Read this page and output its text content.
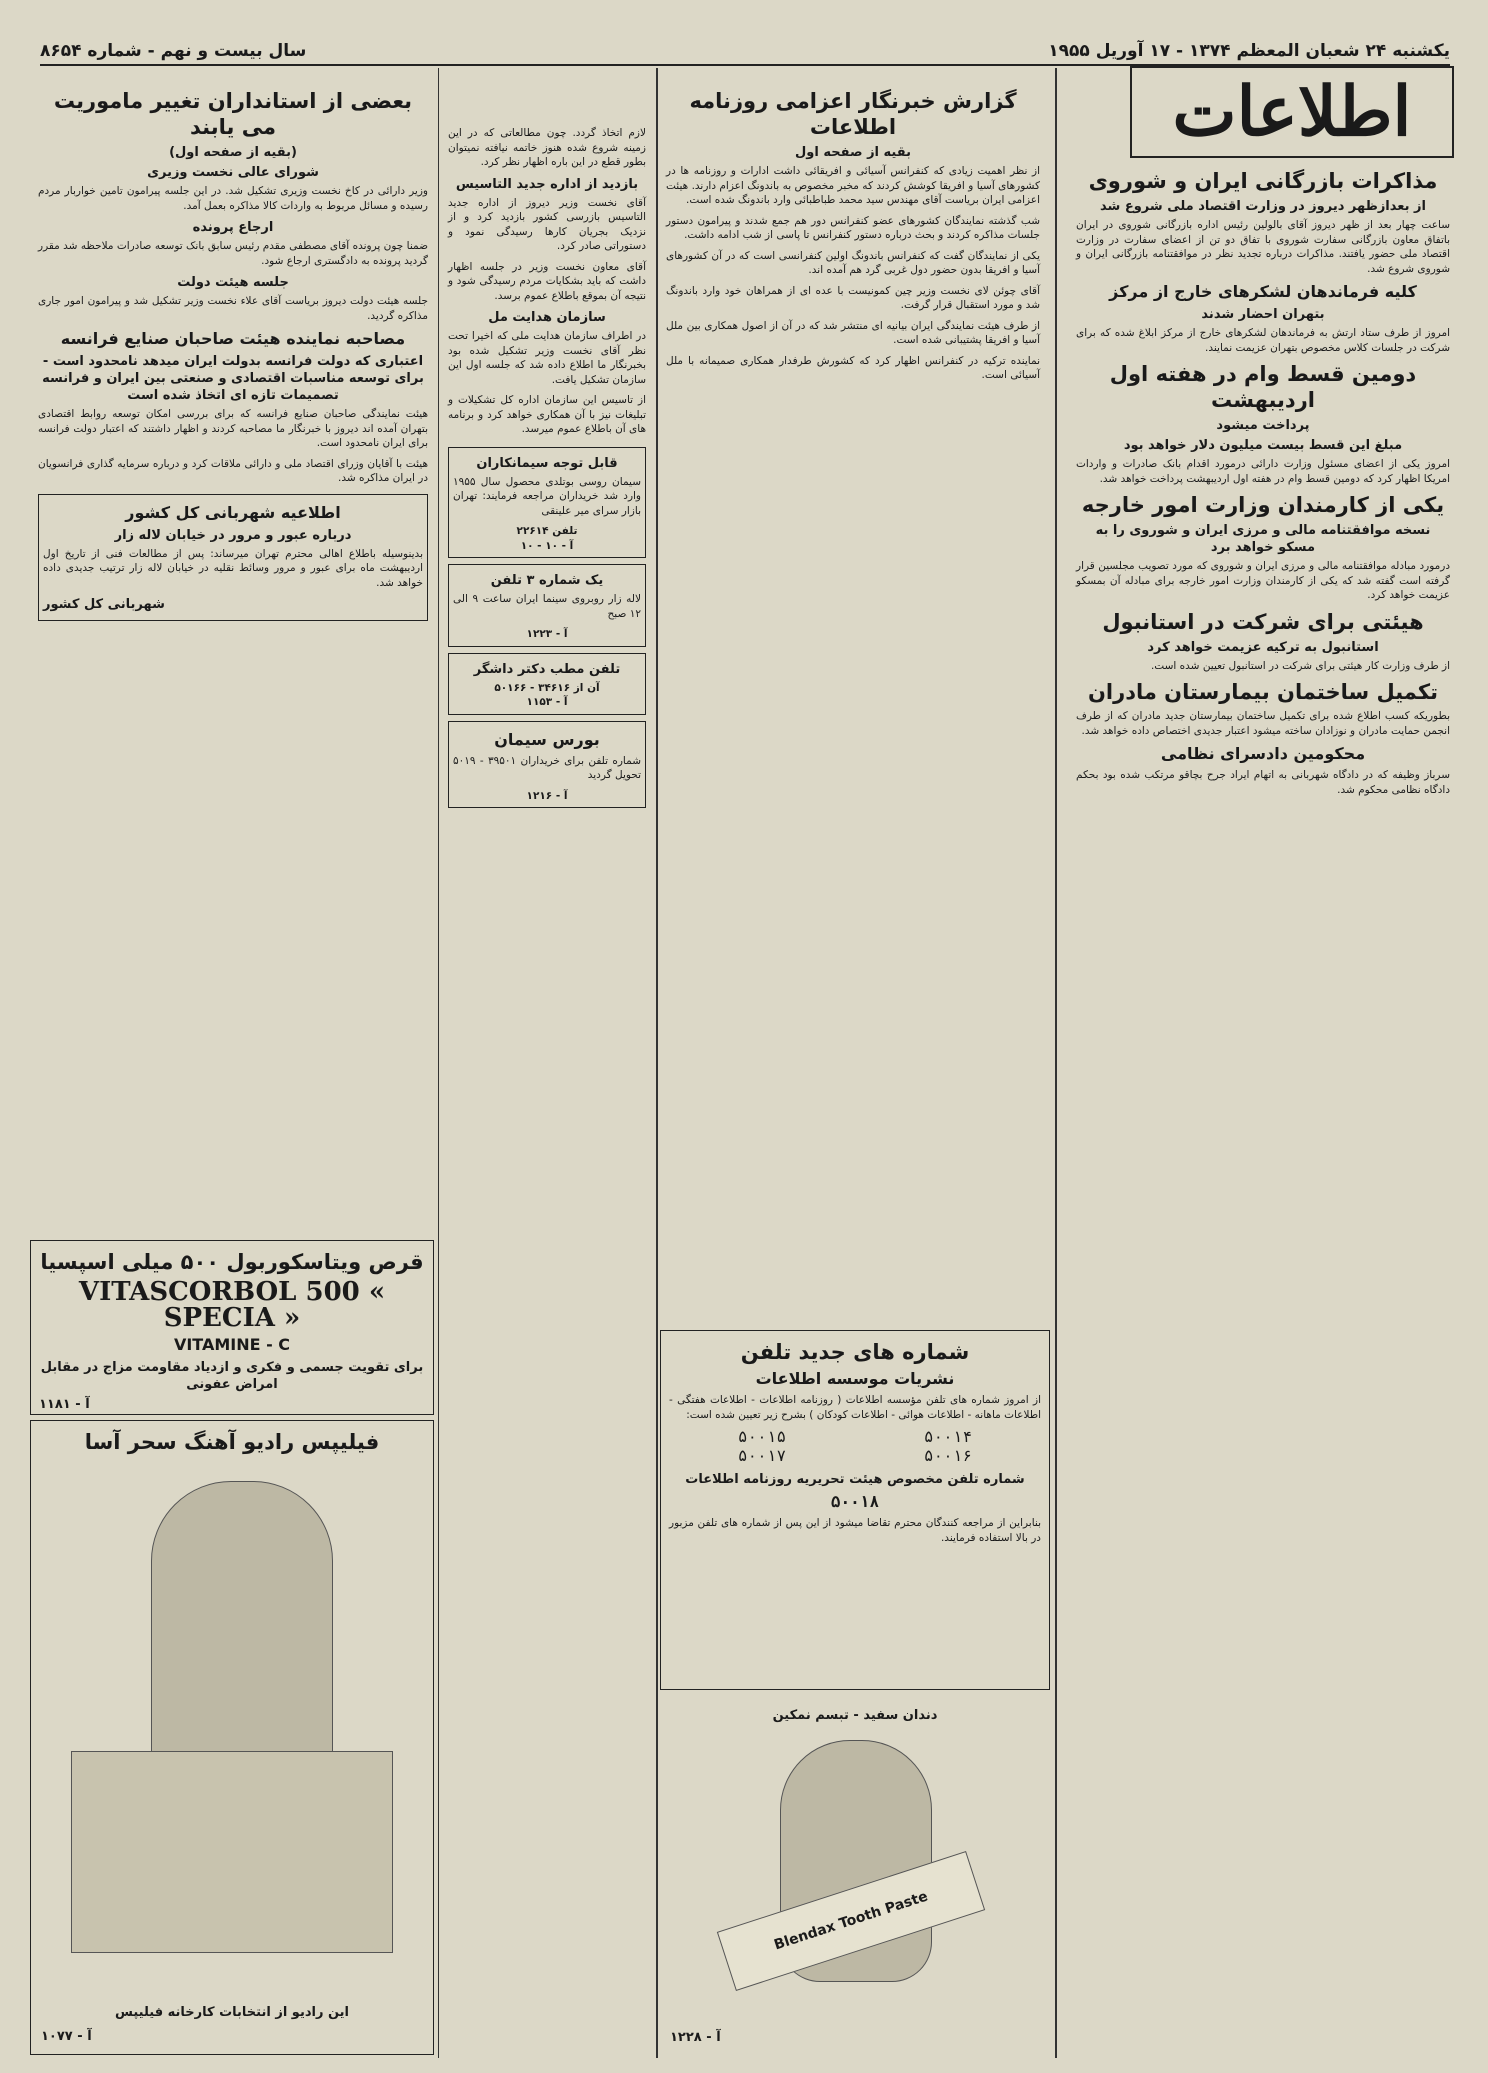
یکشنبه ۲۴ شعبان المعظم ۱۳۷۴ - ۱۷ آوریل ۱۹۵۵
سال بیست و نهم - شماره ۸۶۵۴
اطلاعات
مذاکرات بازرگانی ایران و شوروی
از بعدازظهر دیروز در وزارت اقتصاد ملی شروع شد
ساعت چهار بعد از ظهر دیروز آقای بالولین رئیس اداره بازرگانی شوروی در ایران باتفاق معاون بازرگانی سفارت شوروی با تفاق دو تن از اعضای سفارت در وزارت اقتصاد ملی حضور یافتند. مذاکرات درباره تجدید نظر در موافقتنامه بازرگانی ایران و شوروی شروع شد.
کلیه فرماندهان لشکرهای خارج از مرکز
بتهران احضار شدند
امروز از طرف ستاد ارتش به فرماندهان لشکرهای خارج از مرکز ابلاغ شده که برای شرکت در جلسات کلاس مخصوص بتهران عزیمت نمایند.
دومین قسط وام در هفته اول اردیبهشت
پرداخت میشود
مبلغ این قسط بیست میلیون دلار خواهد بود
امروز یکی از اعضای مسئول وزارت دارائی درمورد اقدام بانک صادرات و واردات امریکا اظهار کرد که دومین قسط وام در هفته اول اردیبهشت پرداخت خواهد شد.
یکی از کارمندان وزارت امور خارجه
نسخه موافقتنامه مالی و مرزی ایران و شوروی را به مسکو خواهد برد
درمورد مبادله موافقتنامه مالی و مرزی ایران و شوروی که مورد تصویب مجلسین قرار گرفته است گفته شد که یکی از کارمندان وزارت امور خارجه برای مبادله آن بمسکو عزیمت خواهد کرد.
هیئتی برای شرکت در استانبول
استانبول به ترکیه عزیمت خواهد کرد
از طرف وزارت کار هیئتی برای شرکت در استانبول تعیین شده است.
تکمیل ساختمان بیمارستان مادران
بطوریکه کسب اطلاع شده برای تکمیل ساختمان بیمارستان جدید مادران که از طرف انجمن حمایت مادران و نوزادان ساخته میشود اعتبار جدیدی اختصاص داده خواهد شد.
محکومین دادسرای نظامی
سرباز وظیفه که در دادگاه شهربانی به اتهام ایراد جرح بچاقو مرتکب شده بود بحکم دادگاه نظامی محکوم شد.
گزارش خبرنگار اعزامی روزنامه اطلاعات
بقیه از صفحه اول
از نظر اهمیت زیادی که کنفرانس آسیائی و افریقائی داشت ادارات و روزنامه ها در کشورهای آسیا و افریقا کوشش کردند که مخبر مخصوص به باندونگ اعزام دارند. هیئت اعزامی ایران بریاست آقای مهندس سید محمد طباطبائی وارد باندونگ شده است.
شب گذشته نمایندگان کشورهای عضو کنفرانس دور هم جمع شدند و پیرامون دستور جلسات مذاکره کردند و بحث درباره دستور کنفرانس تا پاسی از شب ادامه داشت.
یکی از نمایندگان گفت که کنفرانس باندونگ اولین کنفرانسی است که در آن کشورهای آسیا و افریقا بدون حضور دول غربی گرد هم آمده اند.
آقای چوئن لای نخست وزیر چین کمونیست با عده ای از همراهان خود وارد باندونگ شد و مورد استقبال قرار گرفت.
از طرف هیئت نمایندگی ایران بیانیه ای منتشر شد که در آن از اصول همکاری بین ملل آسیا و افریقا پشتیبانی شده است.
نماینده ترکیه در کنفرانس اظهار کرد که کشورش طرفدار همکاری صمیمانه با ملل آسیائی است.
شماره های جدید تلفن
نشریات موسسه اطلاعات
از امروز شماره های تلفن مؤسسه اطلاعات ( روزنامه اطلاعات - اطلاعات هفتگی - اطلاعات ماهانه - اطلاعات هوائی - اطلاعات کودکان ) بشرح زیر تعیین شده است:
۵۰۰۱۴
۵۰۰۱۵
۵۰۰۱۶
۵۰۰۱۷
شماره تلفن مخصوص هیئت تحریریه روزنامه اطلاعات
۵۰۰۱۸
بنابراین از مراجعه کنندگان محترم تقاضا میشود از این پس از شماره های تلفن مزبور در بالا استفاده فرمایند.
دندان سفید - تبسم نمکین
Blendax Tooth Paste
آ - ۱۲۲۸
لازم اتخاذ گردد. چون مطالعاتی که در این زمینه شروع شده هنوز خاتمه نیافته نمیتوان بطور قطع در این باره اظهار نظر کرد.
بازدید از اداره جدید التاسیس
آقای نخست وزیر دیروز از اداره جدید التاسیس بازرسی کشور بازدید کرد و از نزدیک بجریان کارها رسیدگی نمود و دستوراتی صادر کرد.
آقای معاون نخست وزیر در جلسه اظهار داشت که باید بشکایات مردم رسیدگی شود و نتیجه آن بموقع باطلاع عموم برسد.
سازمان هدایت مل
در اطراف سازمان هدایت ملی که اخیرا تحت نظر آقای نخست وزیر تشکیل شده بود بخبرنگار ما اطلاع داده شد که جلسه اول این سازمان تشکیل یافت.
از تاسیس این سازمان اداره کل تشکیلات و تبلیغات نیز با آن همکاری خواهد کرد و برنامه های آن باطلاع عموم میرسد.
قابل توجه سیمانکاران
سیمان روسی بوتلدی محصول سال ۱۹۵۵ وارد شد خریداران مراجعه فرمایند: تهران بازار سرای میر علینقی
تلفن ۲۲۶۱۴
آ - ۱۰ - ۱۰
یک شماره ۳ تلفن
لاله زار روبروی سینما ایران ساعت ۹ الی ۱۲ صبح
آ - ۱۲۲۳
تلفن مطب دکتر داشگر
آن از ۳۴۶۱۶ - ۵۰۱۶۶
آ - ۱۱۵۳
بورس سیمان
شماره تلفن برای خریداران ۳۹۵۰۱ - ۵۰۱۹ تحویل گردید
آ - ۱۲۱۶
بعضی از استانداران تغییر ماموریت می یابند
(بقیه از صفحه اول)
شورای عالی نخست وزیری
وزیر دارائی در کاخ نخست وزیری تشکیل شد. در این جلسه پیرامون تامین خواربار مردم رسیده و مسائل مربوط به واردات کالا مذاکره بعمل آمد.
ارجاع پرونده
ضمنا چون پرونده آقای مصطفی مقدم رئیس سابق بانک توسعه صادرات ملاحظه شد مقرر گردید پرونده به دادگستری ارجاع شود.
جلسه هیئت دولت
جلسه هیئت دولت دیروز بریاست آقای علاء نخست وزیر تشکیل شد و پیرامون امور جاری مذاکره گردید.
مصاحبه نماینده هیئت صاحبان صنایع فرانسه
اعتباری که دولت فرانسه بدولت ایران میدهد نامحدود است - برای توسعه مناسبات اقتصادی و صنعتی بین ایران و فرانسه تصمیمات تازه ای اتخاذ شده است
هیئت نمایندگی صاحبان صنایع فرانسه که برای بررسی امکان توسعه روابط اقتصادی بتهران آمده اند دیروز با خبرنگار ما مصاحبه کردند و اظهار داشتند که اعتبار دولت فرانسه برای ایران نامحدود است.
هیئت با آقایان وزرای اقتصاد ملی و دارائی ملاقات کرد و درباره سرمایه گذاری فرانسویان در ایران مذاکره شد.
اطلاعیه شهربانی کل کشور
درباره عبور و مرور در خیابان لاله زار
بدینوسیله باطلاع اهالی محترم تهران میرساند: پس از مطالعات فنی از تاریخ اول اردیبهشت ماه برای عبور و مرور وسائط نقلیه در خیابان لاله زار ترتیب جدیدی داده خواهد شد.
شهربانی کل کشور
قرص ویتاسکوربول ۵۰۰ میلی اسپسیا
VITASCORBOL 500 « SPECIA »
VITAMINE - C
برای تقویت جسمی و فکری و ازدیاد مقاومت مزاج در مقابل امراض عفونی
آ - ۱۱۸۱
فیلیپس رادیو آهنگ سحر آسا
این رادیو از انتخابات کارخانه فیلیپس
آ - ۱۰۷۷
